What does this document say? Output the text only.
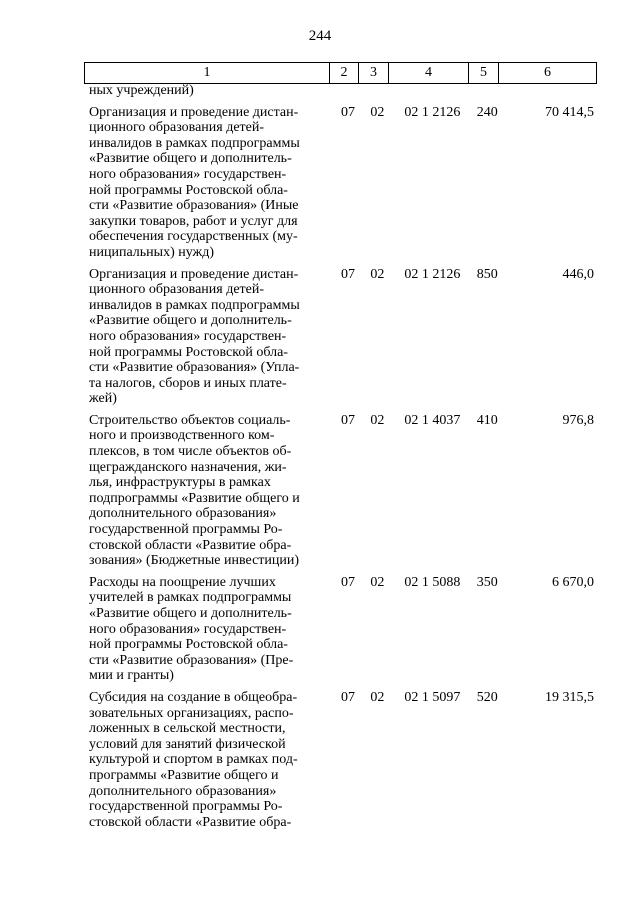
244
1	2	3	4	5	6
ных учреждений)
Организация и проведение дистан-
ционного образования детей-
инвалидов в рамках подпрограммы
«Развитие общего и дополнитель-
ного образования» государствен-
ной программы Ростовской обла-
сти «Развитие образования» (Иные
закупки товаров, работ и услуг для
обеспечения государственных (му-
ниципальных) нужд)
07	02	02 1 2126	240	70 414,5
Организация и проведение дистан-
ционного образования детей-
инвалидов в рамках подпрограммы
«Развитие общего и дополнитель-
ного образования» государствен-
ной программы Ростовской обла-
сти «Развитие образования» (Упла-
та налогов, сборов и иных плате-
жей)
07	02	02 1 2126	850	446,0
Строительство объектов социаль-
ного и производственного ком-
плексов, в том числе объектов об-
щегражданского назначения, жи-
лья, инфраструктуры в рамках
подпрограммы «Развитие общего и
дополнительного образования»
государственной программы Ро-
стовской области «Развитие обра-
зования» (Бюджетные инвестиции)
07	02	02 1 4037	410	976,8
Расходы на поощрение лучших
учителей в рамках подпрограммы
«Развитие общего и дополнитель-
ного образования» государствен-
ной программы Ростовской обла-
сти «Развитие образования» (Пре-
мии и гранты)
07	02	02 1 5088	350	6 670,0
Субсидия на создание в общеобра-
зовательных организациях, распо-
ложенных в сельской местности,
условий для занятий физической
культурой и спортом в рамках под-
программы «Развитие общего и
дополнительного образования»
государственной программы Ро-
стовской области «Развитие обра-
07	02	02 1 5097	520	19 315,5
